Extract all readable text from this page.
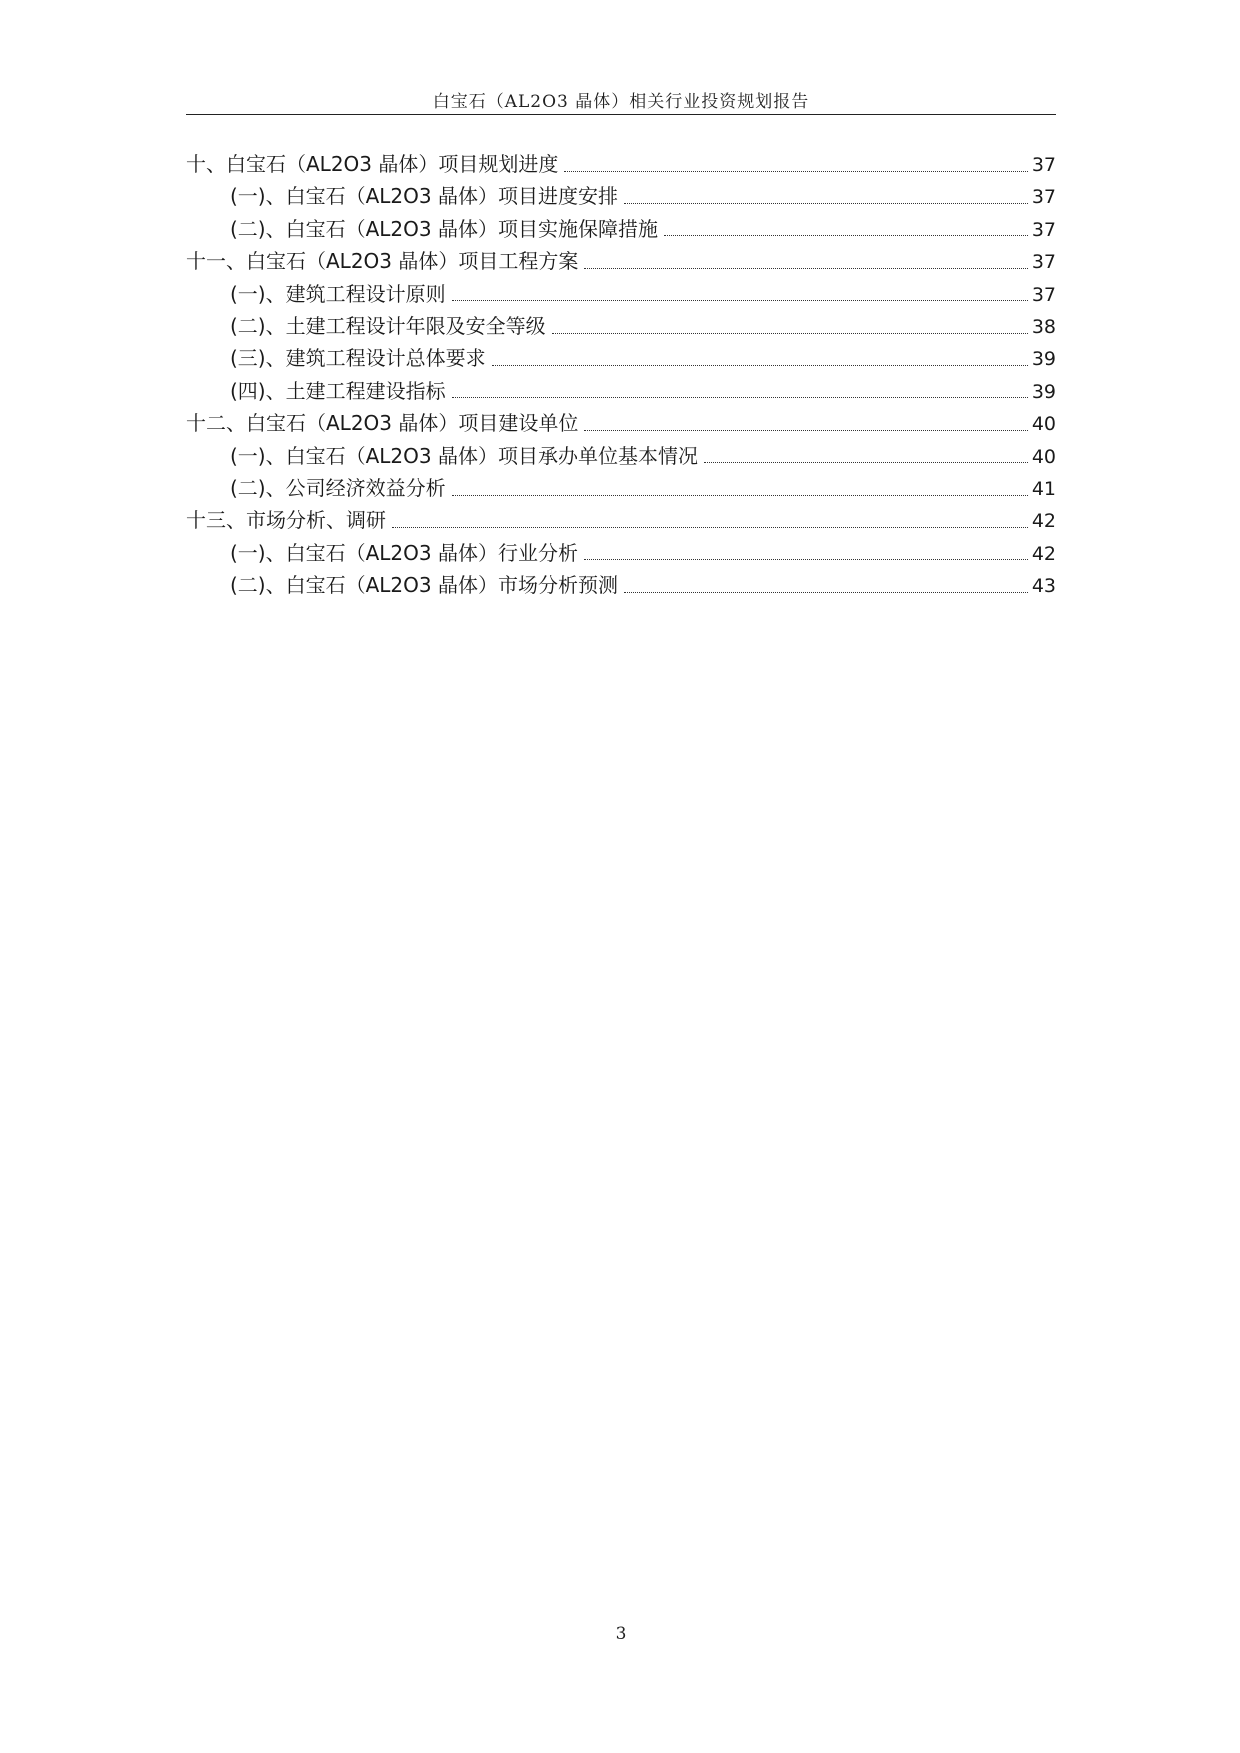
白宝石（AL2O3 晶体）相关行业投资规划报告
十、白宝石（AL2O3 晶体）项目规划进度	37
(一)、白宝石（AL2O3 晶体）项目进度安排	37
(二)、白宝石（AL2O3 晶体）项目实施保障措施	37
十一、白宝石（AL2O3 晶体）项目工程方案	37
(一)、建筑工程设计原则	37
(二)、土建工程设计年限及安全等级	38
(三)、建筑工程设计总体要求	39
(四)、土建工程建设指标	39
十二、白宝石（AL2O3 晶体）项目建设单位	40
(一)、白宝石（AL2O3 晶体）项目承办单位基本情况	40
(二)、公司经济效益分析	41
十三、市场分析、调研	42
(一)、白宝石（AL2O3 晶体）行业分析	42
(二)、白宝石（AL2O3 晶体）市场分析预测	43
3
